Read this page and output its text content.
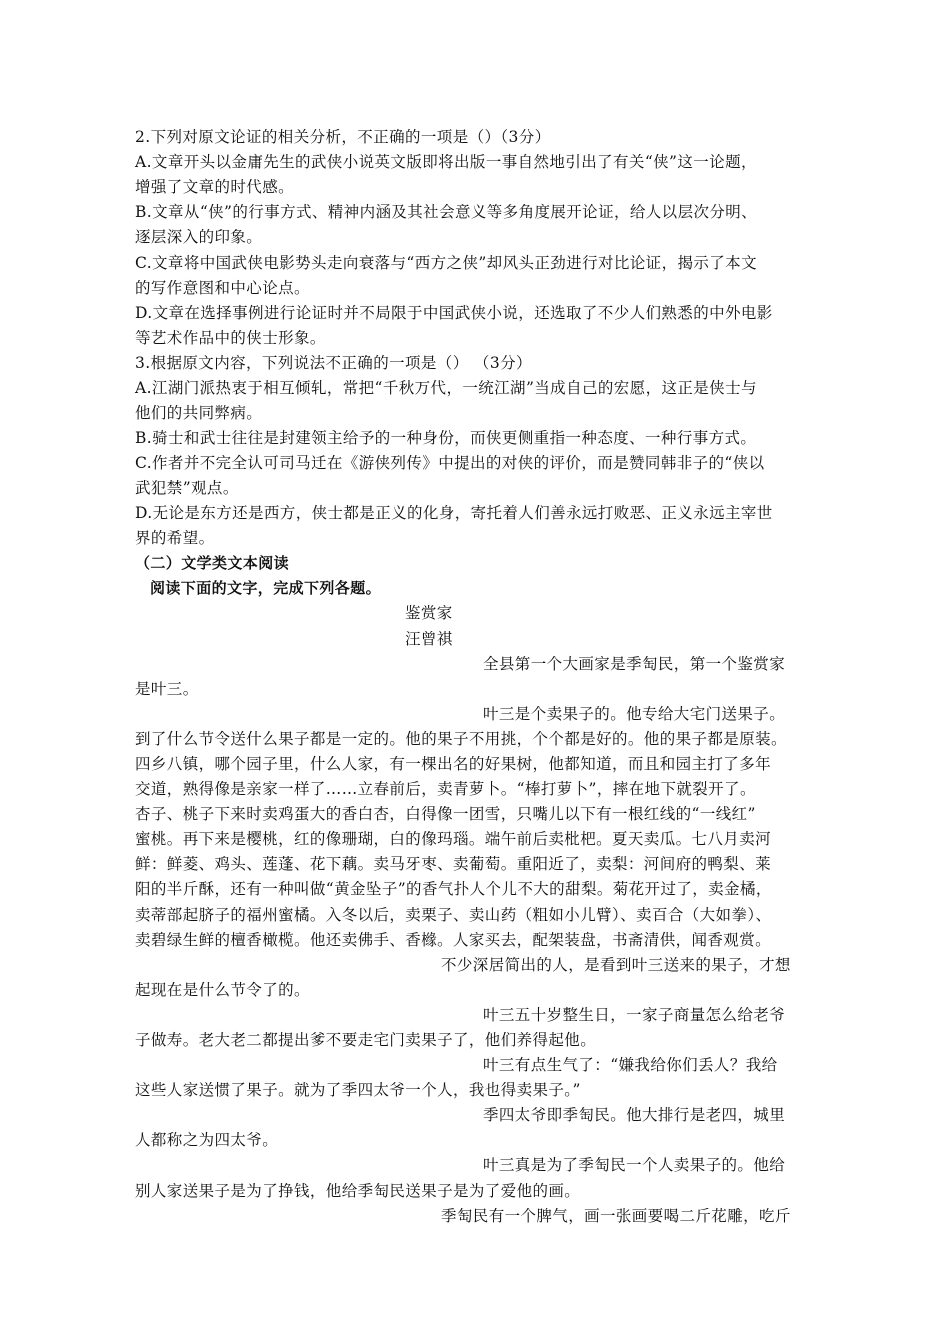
2.下列对原文论证的相关分析，不正确的一项是（）（3分）
A.文章开头以金庸先生的武侠小说英文版即将出版一事自然地引出了有关“侠”这一论题，
增强了文章的时代感。
B.文章从“侠”的行事方式、精神内涵及其社会意义等多角度展开论证，给人以层次分明、
逐层深入的印象。
C.文章将中国武侠电影势头走向衰落与“西方之侠”却风头正劲进行对比论证，揭示了本文
的写作意图和中心论点。
D.文章在选择事例进行论证时并不局限于中国武侠小说，还选取了不少人们熟悉的中外电影
等艺术作品中的侠士形象。
3.根据原文内容，下列说法不正确的一项是（） （3分）
A.江湖门派热衷于相互倾轧，常把“千秋万代，一统江湖”当成自己的宏愿，这正是侠士与
他们的共同弊病。
B.骑士和武士往往是封建领主给予的一种身份，而侠更侧重指一种态度、一种行事方式。
C.作者并不完全认可司马迁在《游侠列传》中提出的对侠的评价，而是赞同韩非子的“侠以
武犯禁”观点。
D.无论是东方还是西方，侠士都是正义的化身，寄托着人们善永远打败恶、正义永远主宰世
界的希望。
（二）文学类文本阅读
阅读下面的文字，完成下列各题。
鉴赏家
汪曾祺
全县第一个大画家是季匋民，第一个鉴赏家
是叶三。
叶三是个卖果子的。他专给大宅门送果子。
到了什么节令送什么果子都是一定的。他的果子不用挑，个个都是好的。他的果子都是原装。
四乡八镇，哪个园子里，什么人家，有一棵出名的好果树，他都知道，而且和园主打了多年
交道，熟得像是亲家一样了……立春前后，卖青萝卜。“棒打萝卜”，摔在地下就裂开了。
杏子、桃子下来时卖鸡蛋大的香白杏，白得像一团雪，只嘴儿以下有一根红线的“一线红”
蜜桃。再下来是樱桃，红的像珊瑚，白的像玛瑙。端午前后卖枇杷。夏天卖瓜。七八月卖河
鲜：鲜菱、鸡头、莲蓬、花下藕。卖马牙枣、卖葡萄。重阳近了，卖梨：河间府的鸭梨、莱
阳的半斤酥，还有一种叫做“黄金坠子”的香气扑人个儿不大的甜梨。菊花开过了，卖金橘，
卖蒂部起脐子的福州蜜橘。入冬以后，卖栗子、卖山药（粗如小儿臂）、卖百合（大如拳）、
卖碧绿生鲜的檀香橄榄。他还卖佛手、香橼。人家买去，配架装盘，书斋清供，闻香观赏。
不少深居简出的人，是看到叶三送来的果子，才想
起现在是什么节令了的。
叶三五十岁整生日，一家子商量怎么给老爷
子做寿。老大老二都提出爹不要走宅门卖果子了，他们养得起他。
叶三有点生气了：“嫌我给你们丢人？我给
这些人家送惯了果子。就为了季四太爷一个人，我也得卖果子。”
季四太爷即季匋民。他大排行是老四，城里
人都称之为四太爷。
叶三真是为了季匋民一个人卖果子的。他给
别人家送果子是为了挣钱，他给季匋民送果子是为了爱他的画。
季匋民有一个脾气，画一张画要喝二斤花雕，吃斤
